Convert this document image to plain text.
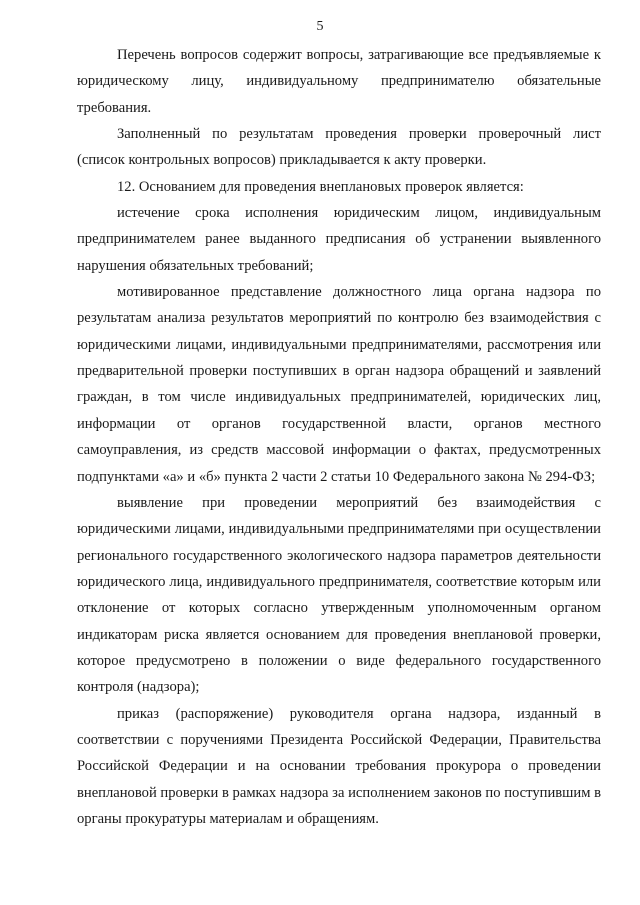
5

Перечень вопросов содержит вопросы, затрагивающие все предъявляемые к юридическому лицу, индивидуальному предпринимателю обязательные требования.

Заполненный по результатам проведения проверки проверочный лист (список контрольных вопросов) прикладывается к акту проверки.

12. Основанием для проведения внеплановых проверок является:

истечение срока исполнения юридическим лицом, индивидуальным предпринимателем ранее выданного предписания об устранении выявленного нарушения обязательных требований;

мотивированное представление должностного лица органа надзора по результатам анализа результатов мероприятий по контролю без взаимодействия с юридическими лицами, индивидуальными предпринимателями, рассмотрения или предварительной проверки поступивших в орган надзора обращений и заявлений граждан, в том числе индивидуальных предпринимателей, юридических лиц, информации от органов государственной власти, органов местного самоуправления, из средств массовой информации о фактах, предусмотренных подпунктами «а» и «б» пункта 2 части 2 статьи 10 Федерального закона № 294-ФЗ;

выявление при проведении мероприятий без взаимодействия с юридическими лицами, индивидуальными предпринимателями при осуществлении регионального государственного экологического надзора параметров деятельности юридического лица, индивидуального предпринимателя, соответствие которым или отклонение от которых согласно утвержденным уполномоченным органом индикаторам риска является основанием для проведения внеплановой проверки, которое предусмотрено в положении о виде федерального государственного контроля (надзора);

приказ (распоряжение) руководителя органа надзора, изданный в соответствии с поручениями Президента Российской Федерации, Правительства Российской Федерации и на основании требования прокурора о проведении внеплановой проверки в рамках надзора за исполнением законов по поступившим в органы прокуратуры материалам и обращениям.
